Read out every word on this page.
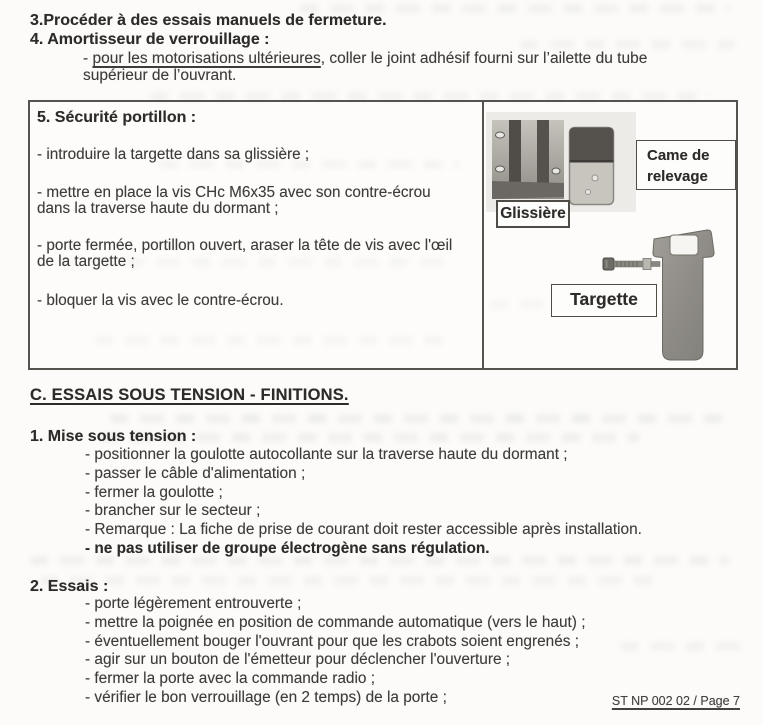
3.Procéder à des essais manuels de fermeture.
4. Amortisseur de verrouillage :
- pour les motorisations ultérieures, coller le joint adhésif fourni sur l’ailette du tube
supérieur de l’ouvrant.
5. Sécurité portillon :
- introduire la targette dans sa glissière ;
- mettre en place la vis CHc M6x35 avec son contre-écrou
dans la traverse haute du dormant ;
- porte fermée, portillon ouvert, araser la tête de vis avec l'œil
de la targette ;
- bloquer la vis avec le contre-écrou.
Came de relevage
Glissière
Targette
C. ESSAIS SOUS TENSION - FINITIONS.
1. Mise sous tension :
- positionner la goulotte autocollante sur la traverse haute du dormant ;
- passer le câble d'alimentation ;
- fermer la goulotte ;
- brancher sur le secteur ;
- Remarque : La fiche de prise de courant doit rester accessible après installation.
- ne pas utiliser de groupe électrogène sans régulation.
2. Essais :
- porte légèrement entrouverte ;
- mettre la poignée en position de commande automatique (vers le haut) ;
- éventuellement bouger l'ouvrant pour que les crabots soient engrenés ;
- agir sur un bouton de l'émetteur pour déclencher l'ouverture ;
- fermer la porte avec la commande radio ;
- vérifier le bon verrouillage (en 2 temps) de la porte ;	ST NP 002 02 / Page 7
